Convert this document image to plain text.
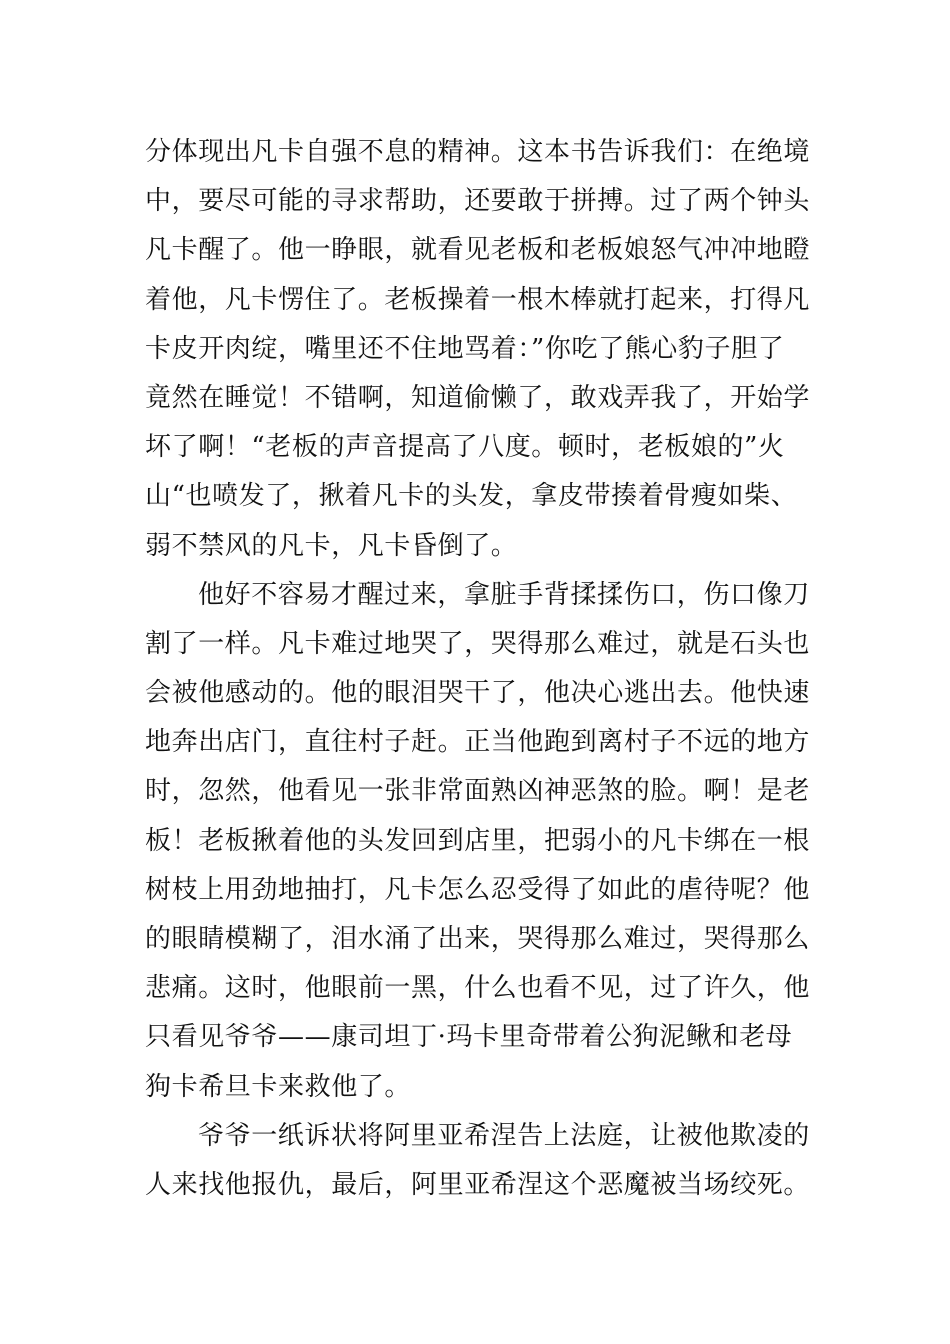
分体现出凡卡自强不息的精神。这本书告诉我们：在绝境
中，要尽可能的寻求帮助，还要敢于拼搏。过了两个钟头
凡卡醒了。他一睁眼，就看见老板和老板娘怒气冲冲地瞪
着他，凡卡愣住了。老板操着一根木棒就打起来，打得凡
卡皮开肉绽，嘴里还不住地骂着：”你吃了熊心豹子胆了
竟然在睡觉！不错啊，知道偷懒了，敢戏弄我了，开始学
坏了啊！“老板的声音提高了八度。顿时，老板娘的”火
山“也喷发了，揪着凡卡的头发，拿皮带揍着骨瘦如柴、
弱不禁风的凡卡，凡卡昏倒了。
他好不容易才醒过来，拿脏手背揉揉伤口，伤口像刀
割了一样。凡卡难过地哭了，哭得那么难过，就是石头也
会被他感动的。他的眼泪哭干了，他决心逃出去。他快速
地奔出店门，直往村子赶。正当他跑到离村子不远的地方
时，忽然，他看见一张非常面熟凶神恶煞的脸。啊！是老
板！老板揪着他的头发回到店里，把弱小的凡卡绑在一根
树枝上用劲地抽打，凡卡怎么忍受得了如此的虐待呢？他
的眼睛模糊了，泪水涌了出来，哭得那么难过，哭得那么
悲痛。这时，他眼前一黑，什么也看不见，过了许久，他
只看见爷爷——康司坦丁·玛卡里奇带着公狗泥鳅和老母
狗卡希旦卡来救他了。
爷爷一纸诉状将阿里亚希涅告上法庭，让被他欺凌的
人来找他报仇，最后，阿里亚希涅这个恶魔被当场绞死。
